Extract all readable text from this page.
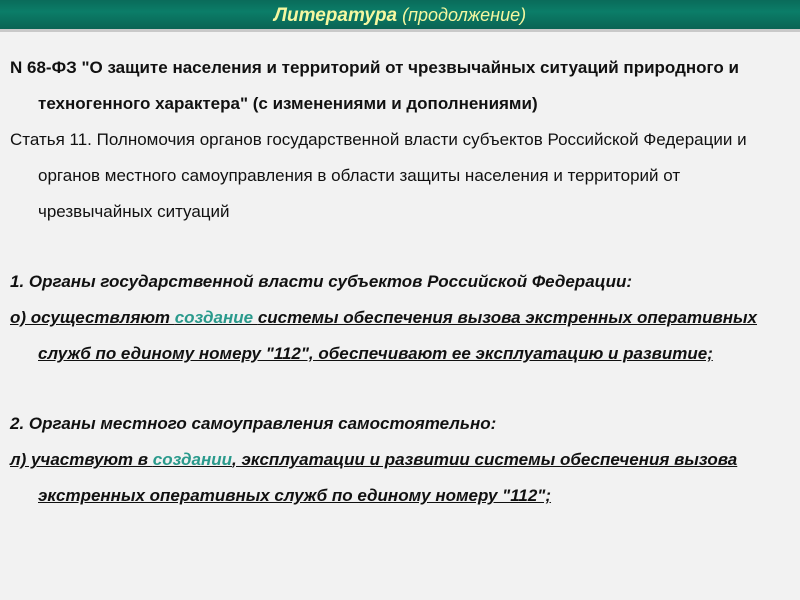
Литература (продолжение)

N 68-ФЗ "О защите населения и территорий от чрезвычайных ситуаций природного и техногенного характера" (с изменениями и дополнениями)

Статья 11. Полномочия органов государственной власти субъектов Российской Федерации и органов местного самоуправления в области защиты населения и территорий от чрезвычайных ситуаций

1. Органы государственной власти субъектов Российской Федерации:

о) осуществляют создание системы обеспечения вызова экстренных оперативных служб по единому номеру "112", обеспечивают ее эксплуатацию и развитие;

2. Органы местного самоуправления самостоятельно:

л) участвуют в создании, эксплуатации и развитии системы обеспечения вызова экстренных оперативных служб по единому номеру "112";
